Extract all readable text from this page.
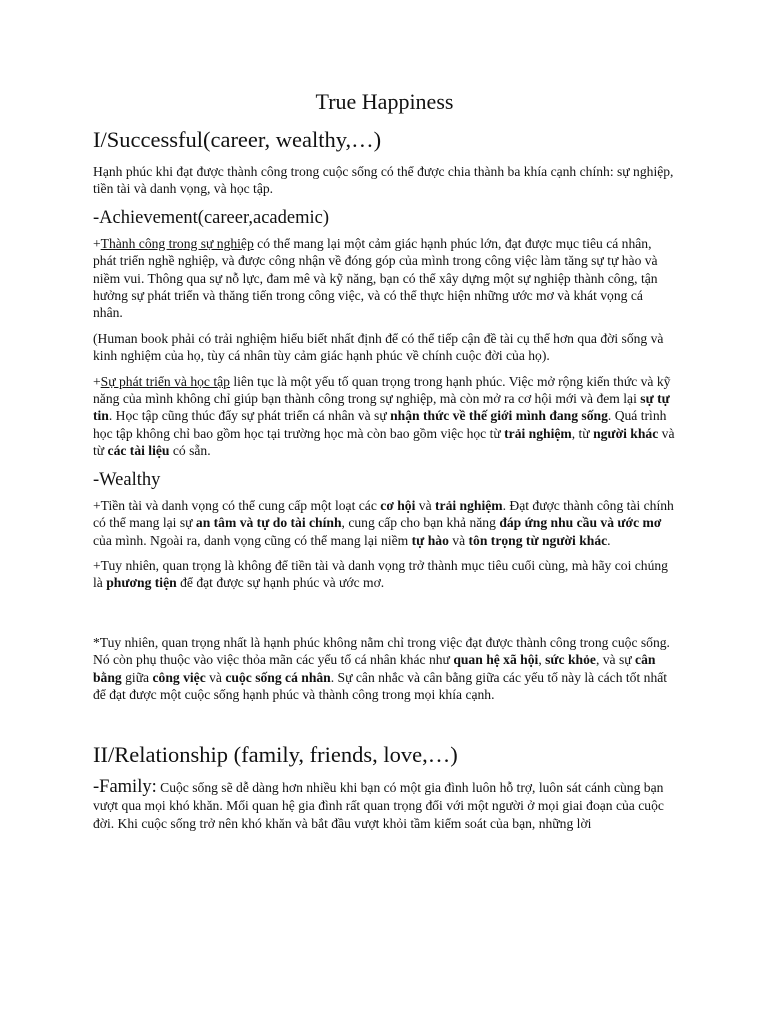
True Happiness
I/Successful(career, wealthy,…)

Hạnh phúc khi đạt được thành công trong cuộc sống có thể được chia thành ba khía cạnh chính: sự nghiệp, tiền tài và danh vọng, và học tập.

-Achievement(career,academic)

+Thành công trong sự nghiệp có thể mang lại một cảm giác hạnh phúc lớn, đạt được mục tiêu cá nhân, phát triển nghề nghiệp, và được công nhận về đóng góp của mình trong công việc làm tăng sự tự hào và niềm vui. Thông qua sự nỗ lực, đam mê và kỹ năng, bạn có thể xây dựng một sự nghiệp thành công, tận hưởng sự phát triển và thăng tiến trong công việc, và có thể thực hiện những ước mơ và khát vọng cá nhân.

(Human book phải có trải nghiệm hiểu biết nhất định để có thể tiếp cận đề tài cụ thể hơn qua đời sống và kinh nghiệm của họ, tùy cá nhân tùy cảm giác hạnh phúc về chính cuộc đời của họ).

+Sự phát triển và học tập liên tục là một yếu tố quan trọng trong hạnh phúc. Việc mở rộng kiến thức và kỹ năng của mình không chỉ giúp bạn thành công trong sự nghiệp, mà còn mở ra cơ hội mới và đem lại sự tự tin. Học tập cũng thúc đẩy sự phát triển cá nhân và sự nhận thức về thế giới mình đang sống. Quá trình học tập không chỉ bao gồm học tại trường học mà còn bao gồm việc học từ trải nghiệm, từ người khác và từ các tài liệu có sẵn.

-Wealthy

+Tiền tài và danh vọng có thể cung cấp một loạt các cơ hội và trải nghiệm. Đạt được thành công tài chính có thể mang lại sự an tâm và tự do tài chính, cung cấp cho bạn khả năng đáp ứng nhu cầu và ước mơ của mình. Ngoài ra, danh vọng cũng có thể mang lại niềm tự hào và tôn trọng từ người khác.

+Tuy nhiên, quan trọng là không để tiền tài và danh vọng trở thành mục tiêu cuối cùng, mà hãy coi chúng là phương tiện để đạt được sự hạnh phúc và ước mơ.

*Tuy nhiên, quan trọng nhất là hạnh phúc không nằm chỉ trong việc đạt được thành công trong cuộc sống. Nó còn phụ thuộc vào việc thỏa mãn các yếu tố cá nhân khác như quan hệ xã hội, sức khỏe, và sự cân bằng giữa công việc và cuộc sống cá nhân. Sự cân nhắc và cân bằng giữa các yếu tố này là cách tốt nhất để đạt được một cuộc sống hạnh phúc và thành công trong mọi khía cạnh.

II/Relationship (family, friends, love,…)

-Family: Cuộc sống sẽ dễ dàng hơn nhiều khi bạn có một gia đình luôn hỗ trợ, luôn sát cánh cùng bạn vượt qua mọi khó khăn. Mối quan hệ gia đình rất quan trọng đối với một người ở mọi giai đoạn của cuộc đời. Khi cuộc sống trở nên khó khăn và bắt đầu vượt khỏi tầm kiểm soát của bạn, những lời
